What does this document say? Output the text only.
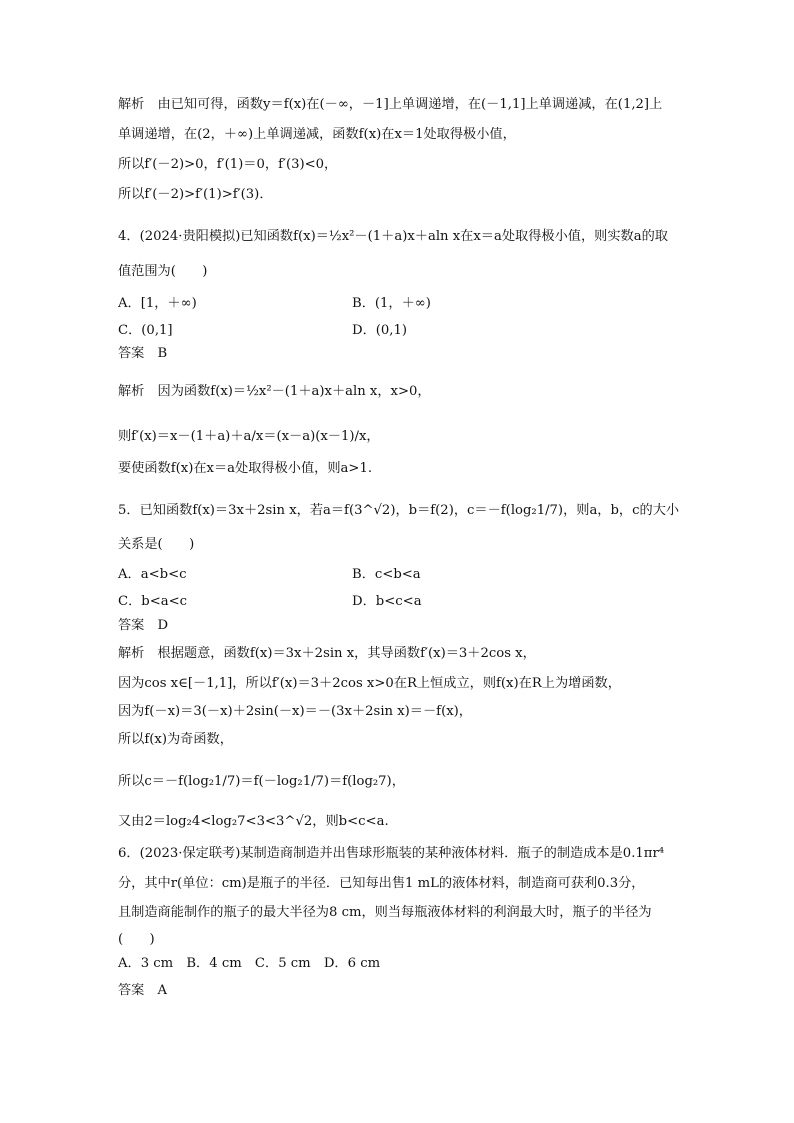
解析　由已知可得，函数y＝f(x)在(－∞，－1]上单调递增，在(－1,1]上单调递减，在(1,2]上
单调递增，在(2，＋∞)上单调递减，函数f(x)在x＝1处取得极小值，
所以f′(－2)>0，f′(1)＝0，f′(3)<0，
所以f′(－2)>f′(1)>f′(3)．
4．(2024·贵阳模拟)已知函数f(x)＝½x²－(1＋a)x＋aln x在x＝a处取得极小值，则实数a的取
值范围为(　　)
A．[1，＋∞)	B．(1，＋∞)
C．(0,1]	D．(0,1)
答案　B
解析　因为函数f(x)＝½x²－(1＋a)x＋aln x，x>0，
则f′(x)＝x－(1＋a)＋a/x＝(x－a)(x－1)/x，
要使函数f(x)在x＝a处取得极小值，则a>1.
5．已知函数f(x)＝3x＋2sin x，若a＝f(3^√2)，b＝f(2)，c＝－f(log₂1/7)，则a，b，c的大小
关系是(　　)
A．a<b<c	B．c<b<a
C．b<a<c	D．b<c<a
答案　D
解析　根据题意，函数f(x)＝3x＋2sin x，其导函数f′(x)＝3＋2cos x，
因为cos x∈[－1,1]，所以f′(x)＝3＋2cos x>0在R上恒成立，则f(x)在R上为增函数，
因为f(－x)＝3(－x)＋2sin(－x)＝－(3x＋2sin x)＝－f(x)，
所以f(x)为奇函数，
所以c＝－f(log₂1/7)＝f(－log₂1/7)＝f(log₂7)，
又由2＝log₂4<log₂7<3<3^√2，则b<c<a.
6．(2023·保定联考)某制造商制造并出售球形瓶装的某种液体材料．瓶子的制造成本是0.1πr⁴
分，其中r(单位：cm)是瓶子的半径．已知每出售1 mL的液体材料，制造商可获利0.3分，
且制造商能制作的瓶子的最大半径为8 cm，则当每瓶液体材料的利润最大时，瓶子的半径为
(　　)
A．3 cm　B．4 cm　C．5 cm　D．6 cm
答案　A
